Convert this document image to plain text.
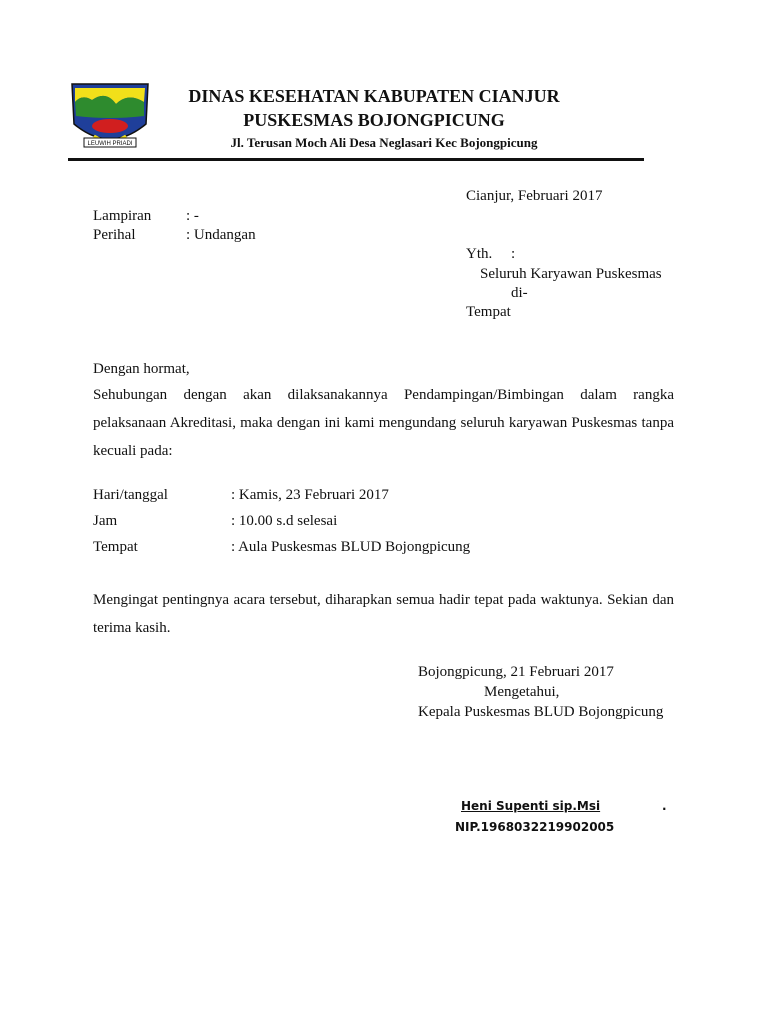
LEUWIH PRIADI
DINAS KESEHATAN KABUPATEN CIANJUR
PUSKESMAS BOJONGPICUNG
Jl. Terusan Moch Ali Desa Neglasari Kec Bojongpicung
Cianjur, Februari 2017
Lampiran : -
Perihal	: Undangan
Yth.     :
Seluruh Karyawan Puskesmas
di-
Tempat
Dengan hormat,
Sehubungan dengan akan dilaksanakannya Pendampingan/Bimbingan dalam rangka pelaksanaan Akreditasi, maka dengan ini kami mengundang seluruh karyawan Puskesmas tanpa kecuali pada:
Hari/tanggal	: Kamis, 23 Februari 2017
Jam	: 10.00 s.d selesai
Tempat	: Aula Puskesmas BLUD Bojongpicung
Mengingat pentingnya acara tersebut, diharapkan semua hadir tepat pada waktunya. Sekian dan terima kasih.
Bojongpicung, 21 Februari 2017
Mengetahui,
Kepala Puskesmas BLUD Bojongpicung
Heni Supenti sip.Msi	.
NIP.1968032219902005
